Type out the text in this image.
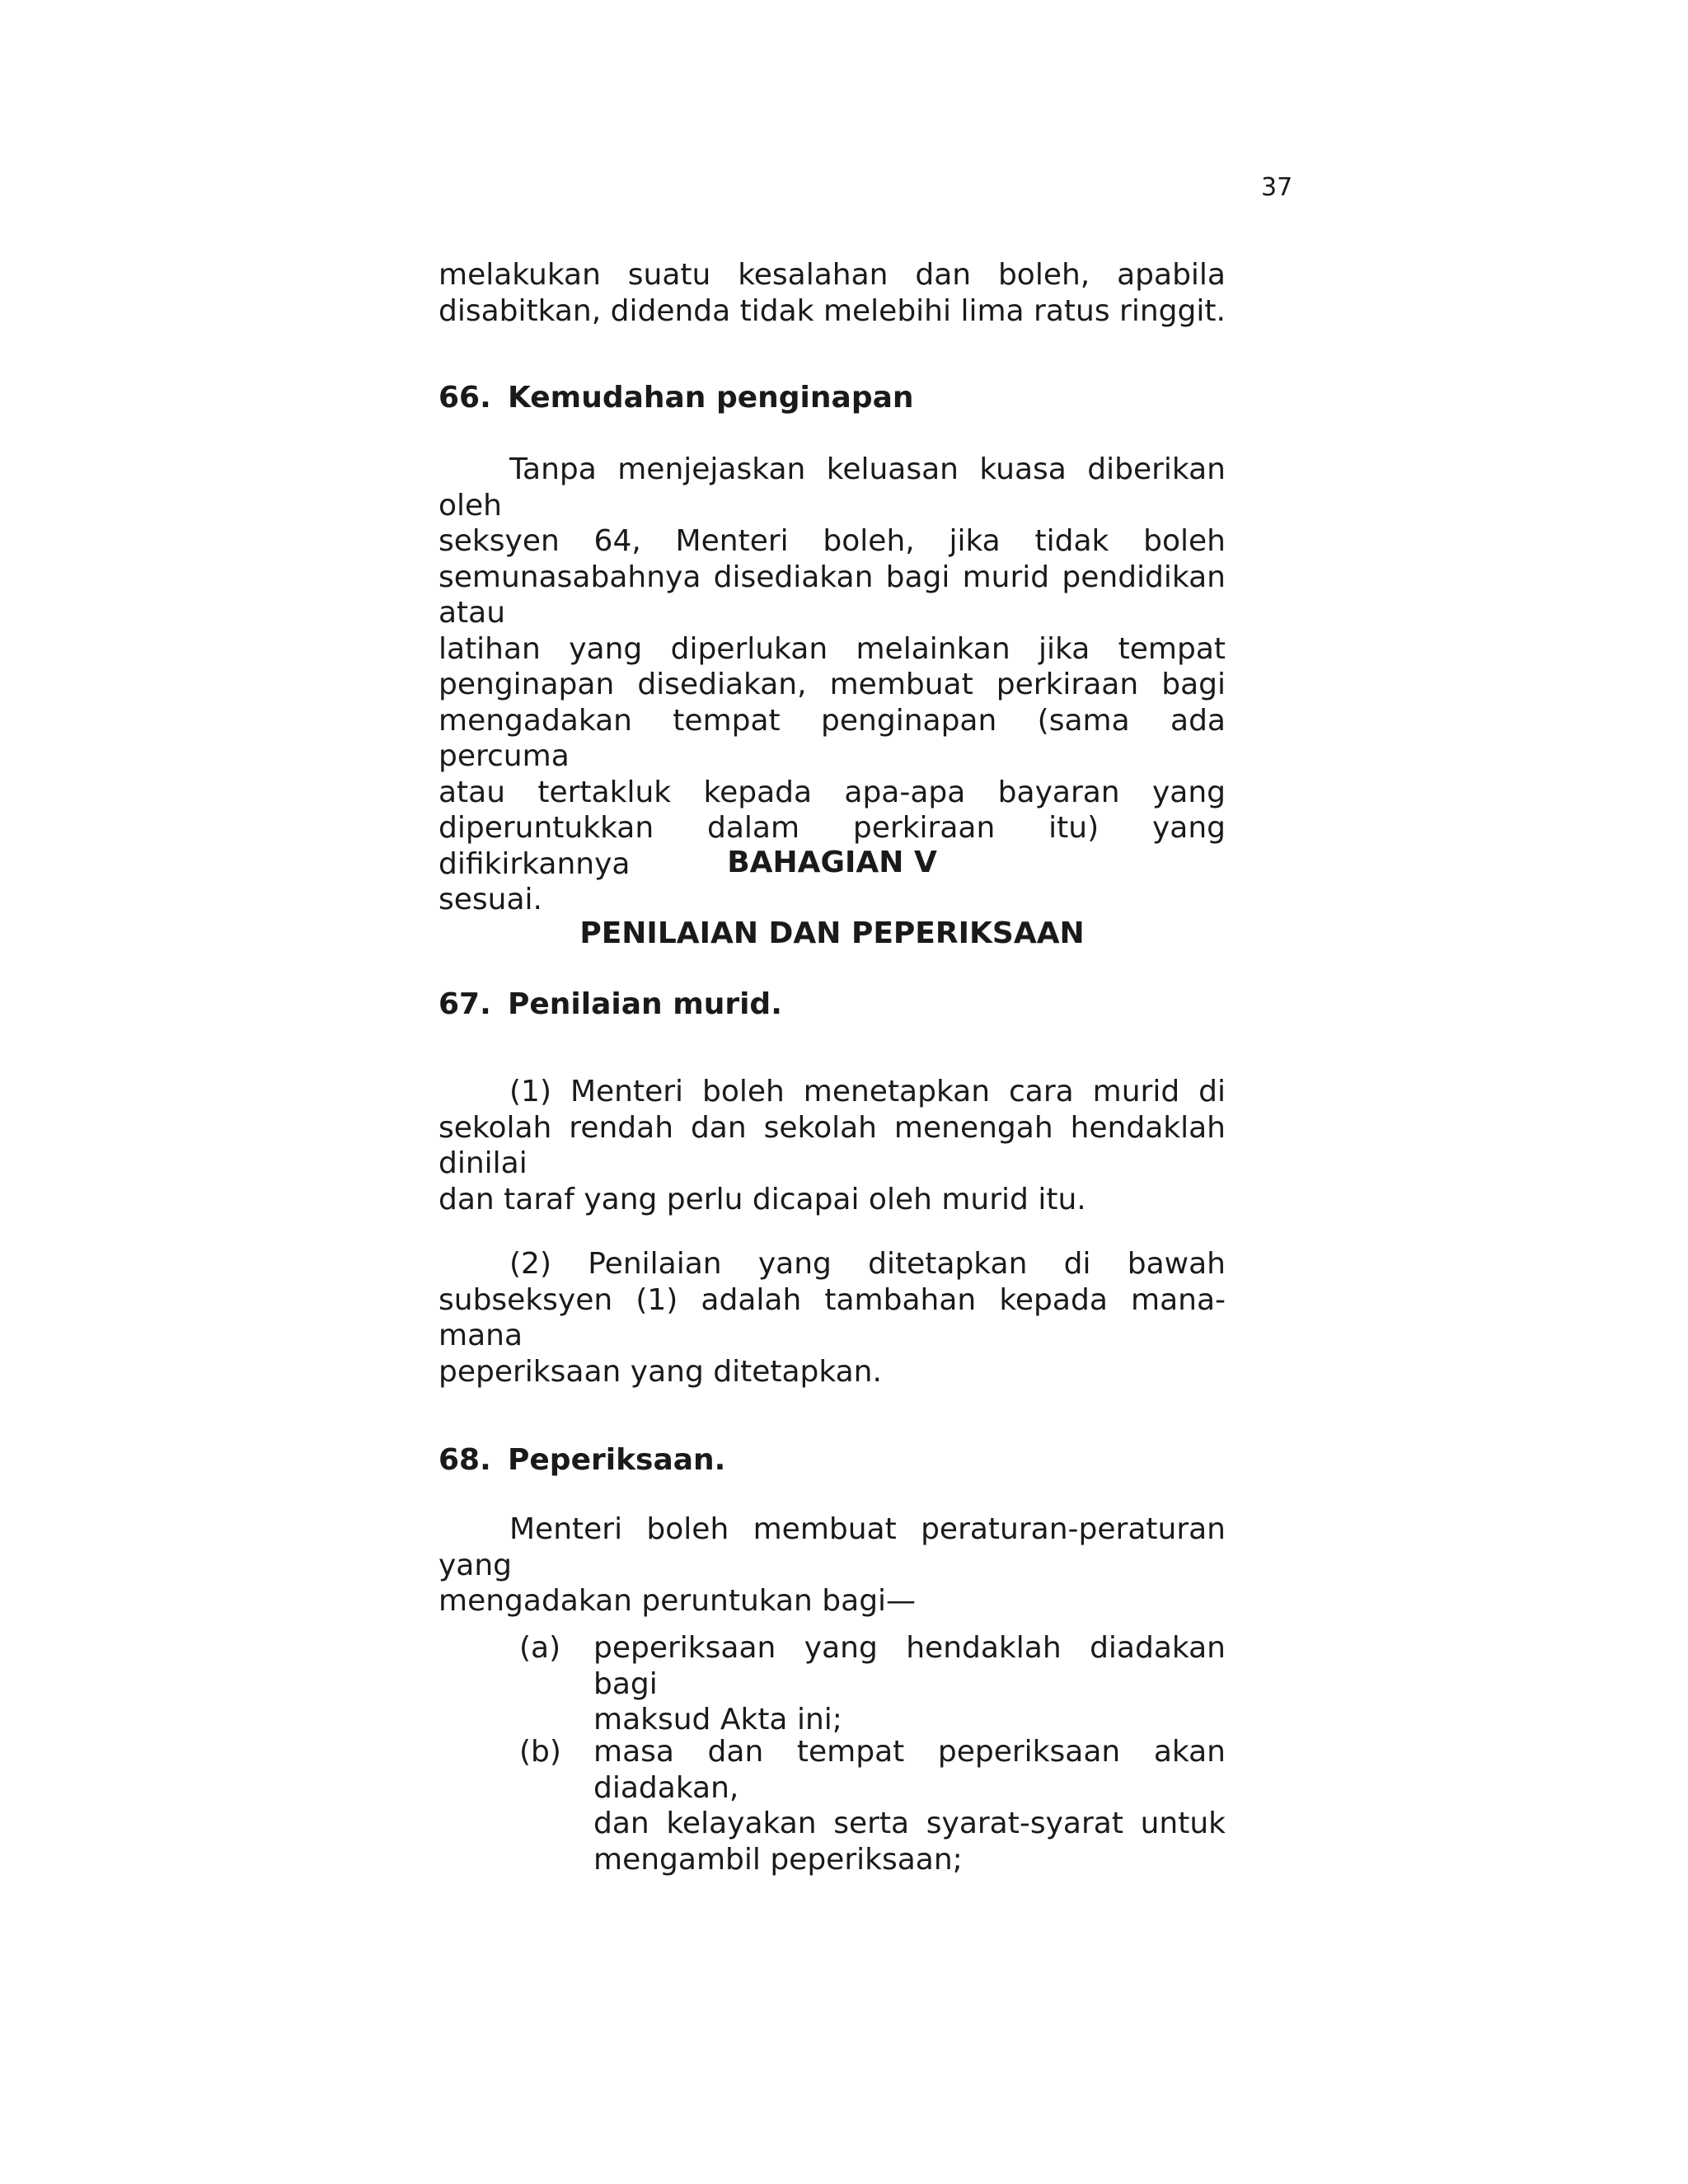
37

melakukan suatu kesalahan dan boleh, apabila

disabitkan, didenda tidak melebihi lima ratus ringgit.

66. Kemudahan penginapan

Tanpa menjejaskan keluasan kuasa diberikan oleh

seksyen 64, Menteri boleh, jika tidak boleh

semunasabahnya disediakan bagi murid pendidikan atau

latihan yang diperlukan melainkan jika tempat

penginapan disediakan, membuat perkiraan bagi

mengadakan tempat penginapan (sama ada percuma

atau tertakluk kepada apa-apa bayaran yang

diperuntukkan dalam perkiraan itu) yang difikirkannya

sesuai.

BAHAGIAN V
PENILAIAN DAN PEPERIKSAAN
67. Penilaian murid.

(1) Menteri boleh menetapkan cara murid di

sekolah rendah dan sekolah menengah hendaklah dinilai

dan taraf yang perlu dicapai oleh murid itu.

(2) Penilaian yang ditetapkan di bawah

subseksyen (1) adalah tambahan kepada mana-mana

peperiksaan yang ditetapkan.

68. Peperiksaan.

Menteri boleh membuat peraturan-peraturan yang

mengadakan peruntukan bagi—

(a) peperiksaan yang hendaklah diadakan bagi

maksud Akta ini;

(b) masa dan tempat peperiksaan akan diadakan,

dan kelayakan serta syarat-syarat untuk

mengambil peperiksaan;
